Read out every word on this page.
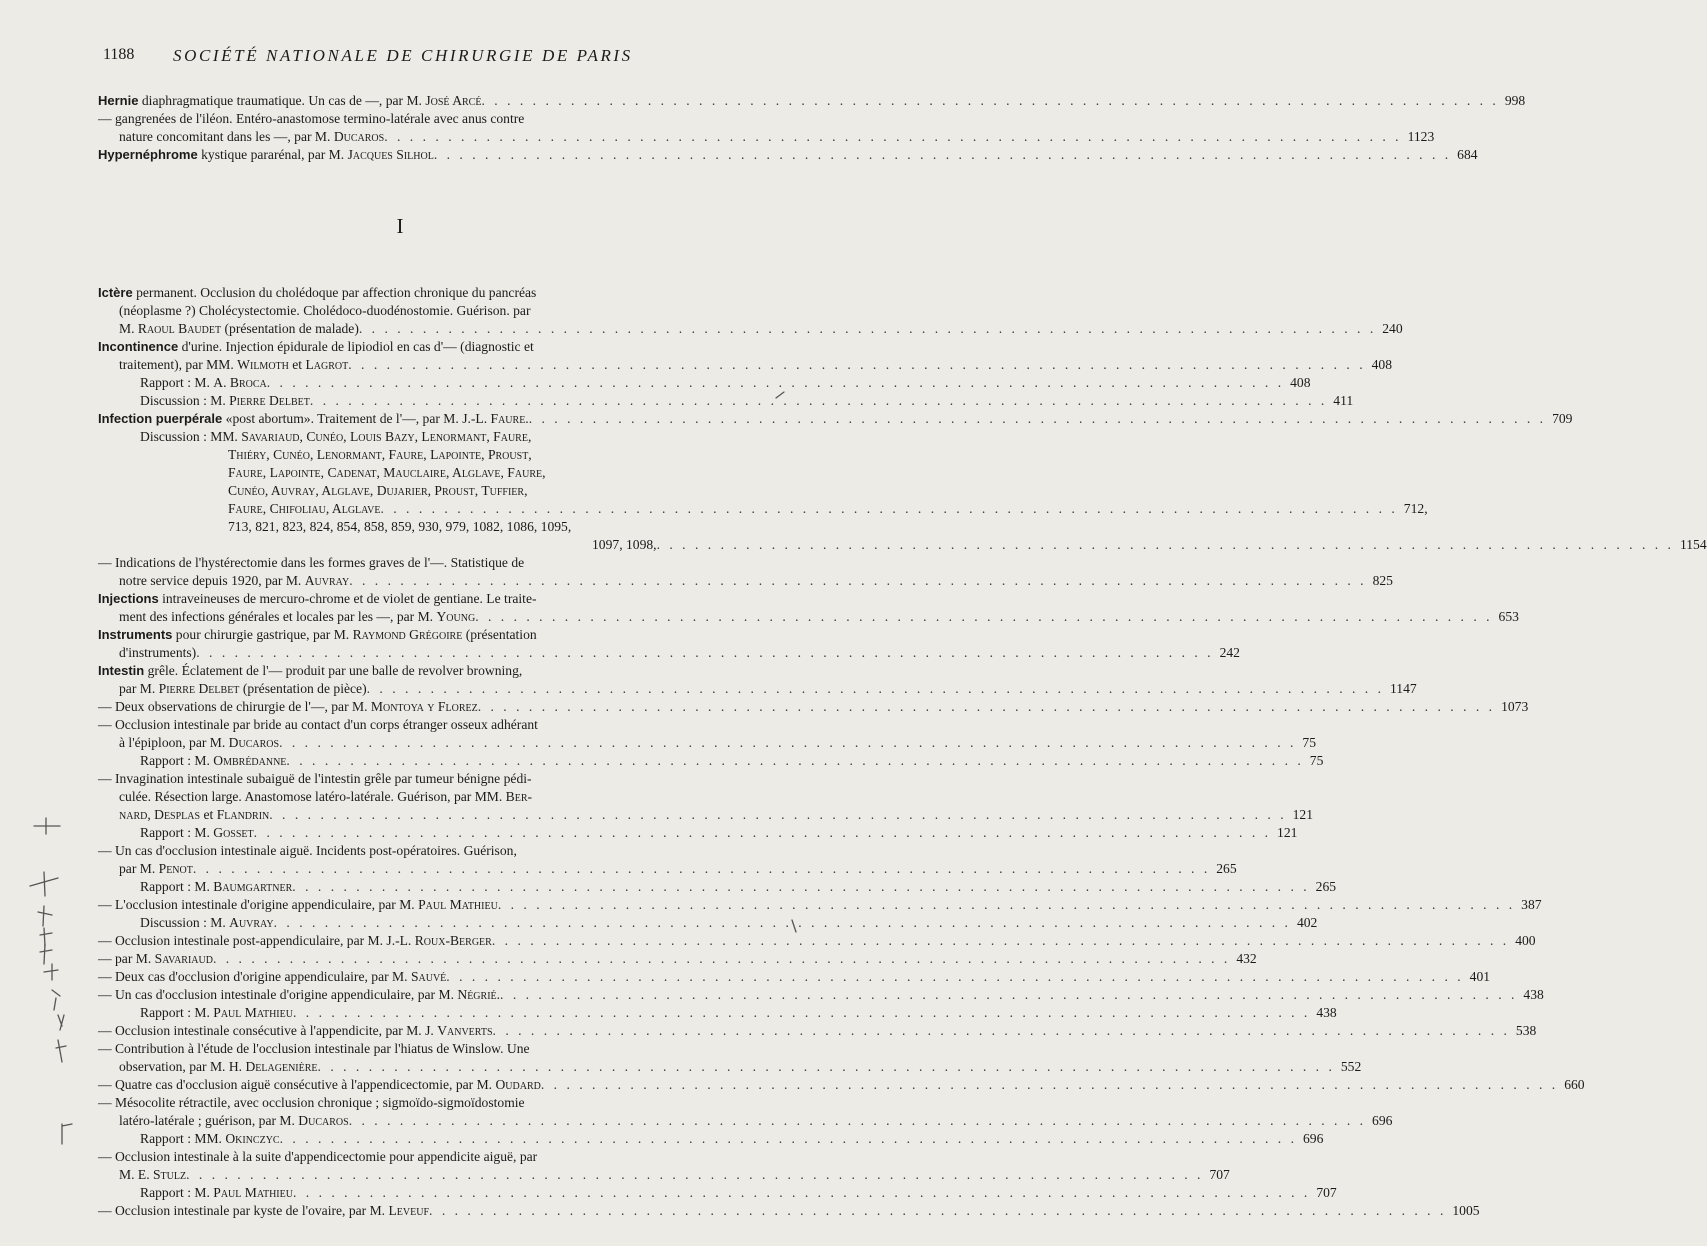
1188 SOCIÉTÉ NATIONALE DE CHIRURGIE DE PARIS
I
Hernie diaphragmatique traumatique. Un cas de —, par M. José Arcé . . . . . . . . . . . . . . . . . . . . . . . . . . . . . . . . . . . . . . . . . . . . . . . . . . . . . . . . . . . . . . . . . . . . . . . . . . . . . . . . 998
— gangrenées de l'iléon. Entéro-anastomose termino-latérale avec anus contre
nature concomitant dans les —, par M. Ducaros . . . . . . . . . . . . . . . . . . . . . . . . . . . . . . . . . . . . . . . . . . . . . . . . . . . . . . . . . . . . . . . . . . . . . . . . . . . . . . . . 1123
Hypernéphrome kystique pararénal, par M. Jacques Silhol . . . . . . . . . . . . . . . . . . . . . . . . . . . . . . . . . . . . . . . . . . . . . . . . . . . . . . . . . . . . . . . . . . . . . . . . . . . . . . . . 684
Ictère permanent. Occlusion du cholédoque par affection chronique du pancréas
(néoplasme ?) Cholécystectomie. Cholédoco-duodénostomie. Guérison. par
M. Raoul Baudet (présentation de malade) . . . . . . . . . . . . . . . . . . . . . . . . . . . . . . . . . . . . . . . . . . . . . . . . . . . . . . . . . . . . . . . . . . . . . . . . . . . . . . . . 240
Incontinence d'urine. Injection épidurale de lipiodiol en cas d'— (diagnostic et
traitement), par MM. Wilmoth et Lagrot . . . . . . . . . . . . . . . . . . . . . . . . . . . . . . . . . . . . . . . . . . . . . . . . . . . . . . . . . . . . . . . . . . . . . . . . . . . . . . . . 408
Rapport : M. A. Broca . . . . . . . . . . . . . . . . . . . . . . . . . . . . . . . . . . . . . . . . . . . . . . . . . . . . . . . . . . . . . . . . . . . . . . . . . . . . . . . . 408
Discussion : M. Pierre Delbet . . . . . . . . . . . . . . . . . . . . . . . . . . . . . . . . . . . . . . . . . . . . . . . . . . . . . . . . . . . . . . . . . . . . . . . . . . . . . . . . 411
Infection puerpérale «post abortum». Traitement de l'—, par M. J.-L. Faure. . . . . . . . . . . . . . . . . . . . . . . . . . . . . . . . . . . . . . . . . . . . . . . . . . . . . . . . . . . . . . . . . . . . . . . . . . . . . . . . . 709
Discussion : MM. Savariaud, Cunéo, Louis Bazy, Lenormant, Faure,
Thiéry, Cunéo, Lenormant, Faure, Lapointe, Proust,
Faure, Lapointe, Cadenat, Mauclaire, Alglave, Faure,
Cunéo, Auvray, Alglave, Dujarier, Proust, Tuffier,
Faure, Chifoliau, Alglave . . . . . . . . . . . . . . . . . . . . . . . . . . . . . . . . . . . . . . . . . . . . . . . . . . . . . . . . . . . . . . . . . . . . . . . . . . . . . . . . 712,
713, 821, 823, 824, 854, 858, 859, 930, 979, 1082, 1086, 1095,
1097, 1098, . . . . . . . . . . . . . . . . . . . . . . . . . . . . . . . . . . . . . . . . . . . . . . . . . . . . . . . . . . . . . . . . . . . . . . . . . . . . . . . . 1154
— Indications de l'hystérectomie dans les formes graves de l'—. Statistique de
notre service depuis 1920, par M. Auvray . . . . . . . . . . . . . . . . . . . . . . . . . . . . . . . . . . . . . . . . . . . . . . . . . . . . . . . . . . . . . . . . . . . . . . . . . . . . . . . . 825
Injections intraveineuses de mercuro-chrome et de violet de gentiane. Le traite-
ment des infections générales et locales par les —, par M. Young . . . . . . . . . . . . . . . . . . . . . . . . . . . . . . . . . . . . . . . . . . . . . . . . . . . . . . . . . . . . . . . . . . . . . . . . . . . . . . . . 653
Instruments pour chirurgie gastrique, par M. Raymond Grégoire (présentation
d'instruments) . . . . . . . . . . . . . . . . . . . . . . . . . . . . . . . . . . . . . . . . . . . . . . . . . . . . . . . . . . . . . . . . . . . . . . . . . . . . . . . . 242
Intestin grêle. Éclatement de l'— produit par une balle de revolver browning,
par M. Pierre Delbet (présentation de pièce) . . . . . . . . . . . . . . . . . . . . . . . . . . . . . . . . . . . . . . . . . . . . . . . . . . . . . . . . . . . . . . . . . . . . . . . . . . . . . . . . 1147
— Deux observations de chirurgie de l'—, par M. Montoya y Florez . . . . . . . . . . . . . . . . . . . . . . . . . . . . . . . . . . . . . . . . . . . . . . . . . . . . . . . . . . . . . . . . . . . . . . . . . . . . . . . . 1073
— Occlusion intestinale par bride au contact d'un corps étranger osseux adhérant
à l'épiploon, par M. Ducaros . . . . . . . . . . . . . . . . . . . . . . . . . . . . . . . . . . . . . . . . . . . . . . . . . . . . . . . . . . . . . . . . . . . . . . . . . . . . . . . . 75
Rapport : M. Ombrédanne . . . . . . . . . . . . . . . . . . . . . . . . . . . . . . . . . . . . . . . . . . . . . . . . . . . . . . . . . . . . . . . . . . . . . . . . . . . . . . . . 75
— Invagination intestinale subaiguë de l'intestin grêle par tumeur bénigne pédi-
culée. Résection large. Anastomose latéro-latérale. Guérison, par MM. Ber-
nard, Desplas et Flandrin . . . . . . . . . . . . . . . . . . . . . . . . . . . . . . . . . . . . . . . . . . . . . . . . . . . . . . . . . . . . . . . . . . . . . . . . . . . . . . . . 121
Rapport : M. Gosset . . . . . . . . . . . . . . . . . . . . . . . . . . . . . . . . . . . . . . . . . . . . . . . . . . . . . . . . . . . . . . . . . . . . . . . . . . . . . . . . 121
— Un cas d'occlusion intestinale aiguë. Incidents post-opératoires. Guérison,
par M. Penot . . . . . . . . . . . . . . . . . . . . . . . . . . . . . . . . . . . . . . . . . . . . . . . . . . . . . . . . . . . . . . . . . . . . . . . . . . . . . . . . 265
Rapport : M. Baumgartner . . . . . . . . . . . . . . . . . . . . . . . . . . . . . . . . . . . . . . . . . . . . . . . . . . . . . . . . . . . . . . . . . . . . . . . . . . . . . . . . 265
— L'occlusion intestinale d'origine appendiculaire, par M. Paul Mathieu . . . . . . . . . . . . . . . . . . . . . . . . . . . . . . . . . . . . . . . . . . . . . . . . . . . . . . . . . . . . . . . . . . . . . . . . . . . . . . . . 387
Discussion : M. Auvray . . . . . . . . . . . . . . . . . . . . . . . . . . . . . . . . . . . . . . . . . . . . . . . . . . . . . . . . . . . . . . . . . . . . . . . . . . . . . . . . 402
— Occlusion intestinale post-appendiculaire, par M. J.-L. Roux-Berger . . . . . . . . . . . . . . . . . . . . . . . . . . . . . . . . . . . . . . . . . . . . . . . . . . . . . . . . . . . . . . . . . . . . . . . . . . . . . . . . 400
— par M. Savariaud . . . . . . . . . . . . . . . . . . . . . . . . . . . . . . . . . . . . . . . . . . . . . . . . . . . . . . . . . . . . . . . . . . . . . . . . . . . . . . . . 432
— Deux cas d'occlusion d'origine appendiculaire, par M. Sauvé . . . . . . . . . . . . . . . . . . . . . . . . . . . . . . . . . . . . . . . . . . . . . . . . . . . . . . . . . . . . . . . . . . . . . . . . . . . . . . . . 401
— Un cas d'occlusion intestinale d'origine appendiculaire, par M. Négrié. . . . . . . . . . . . . . . . . . . . . . . . . . . . . . . . . . . . . . . . . . . . . . . . . . . . . . . . . . . . . . . . . . . . . . . . . . . . . . . . . 438
Rapport : M. Paul Mathieu . . . . . . . . . . . . . . . . . . . . . . . . . . . . . . . . . . . . . . . . . . . . . . . . . . . . . . . . . . . . . . . . . . . . . . . . . . . . . . . . 438
— Occlusion intestinale consécutive à l'appendicite, par M. J. Vanverts . . . . . . . . . . . . . . . . . . . . . . . . . . . . . . . . . . . . . . . . . . . . . . . . . . . . . . . . . . . . . . . . . . . . . . . . . . . . . . . . 538
— Contribution à l'étude de l'occlusion intestinale par l'hiatus de Winslow. Une
observation, par M. H. Delagenière . . . . . . . . . . . . . . . . . . . . . . . . . . . . . . . . . . . . . . . . . . . . . . . . . . . . . . . . . . . . . . . . . . . . . . . . . . . . . . . . 552
— Quatre cas d'occlusion aiguë consécutive à l'appendicectomie, par M. Oudard . . . . . . . . . . . . . . . . . . . . . . . . . . . . . . . . . . . . . . . . . . . . . . . . . . . . . . . . . . . . . . . . . . . . . . . . . . . . . . . . 660
— Mésocolite rétractile, avec occlusion chronique ; sigmoïdo-sigmoïdostomie
latéro-latérale ; guérison, par M. Ducaros . . . . . . . . . . . . . . . . . . . . . . . . . . . . . . . . . . . . . . . . . . . . . . . . . . . . . . . . . . . . . . . . . . . . . . . . . . . . . . . . 696
Rapport : MM. Okinczyc . . . . . . . . . . . . . . . . . . . . . . . . . . . . . . . . . . . . . . . . . . . . . . . . . . . . . . . . . . . . . . . . . . . . . . . . . . . . . . . . 696
— Occlusion intestinale à la suite d'appendicectomie pour appendicite aiguë, par
M. E. Stulz . . . . . . . . . . . . . . . . . . . . . . . . . . . . . . . . . . . . . . . . . . . . . . . . . . . . . . . . . . . . . . . . . . . . . . . . . . . . . . . . 707
Rapport : M. Paul Mathieu . . . . . . . . . . . . . . . . . . . . . . . . . . . . . . . . . . . . . . . . . . . . . . . . . . . . . . . . . . . . . . . . . . . . . . . . . . . . . . . . 707
— Occlusion intestinale par kyste de l'ovaire, par M. Leveuf . . . . . . . . . . . . . . . . . . . . . . . . . . . . . . . . . . . . . . . . . . . . . . . . . . . . . . . . . . . . . . . . . . . . . . . . . . . . . . . . 1005
